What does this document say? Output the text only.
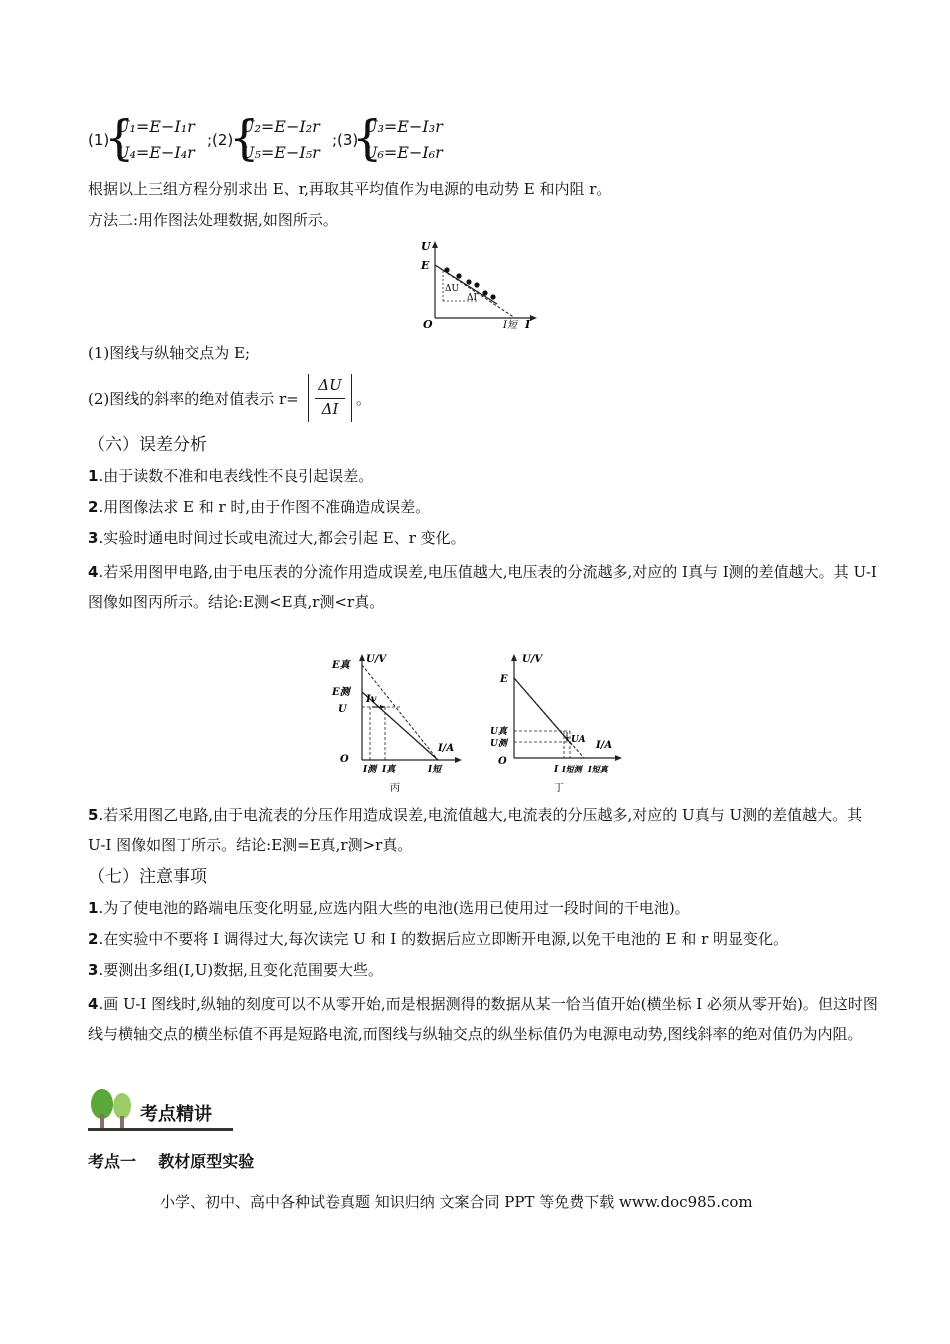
(1)
{
U₁=E−I₁r
U₄=E−I₄r
; (2)
{
U₂=E−I₂r
U₅=E−I₅r
; (3)
{
U₃=E−I₃r
U₆=E−I₆r
根据以上三组方程分别求出 E、r,再取其平均值作为电源的电动势 E 和内阻 r。
方法二:用作图法处理数据,如图所示。
U
E
O	I
I短
ΔU
ΔI
(1)图线与纵轴交点为 E;
(2)图线的斜率的绝对值表示 r=
ΔU
ΔI
。
（六）误差分析
1.由于读数不准和电表线性不良引起误差。
2.用图像法求 E 和 r 时,由于作图不准确造成误差。
3.实验时通电时间过长或电流过大,都会引起 E、r 变化。
4.若采用图甲电路,由于电压表的分流作用造成误差,电压值越大,电压表的分流越多,对应的 I真与 I测的差值越大。其 U-I 图像如图丙所示。结论:E测<E真,r测<r真。
E真
U/V
E测
U
Iv
I/A
O
I测 I真	I短
丙
U/V
E
U真
U测	UA I/A
O
I I短测 I短真
丁
5.若采用图乙电路,由于电流表的分压作用造成误差,电流值越大,电流表的分压越多,对应的 U真与 U测的差值越大。其 U-I 图像如图丁所示。结论:E测=E真,r测>r真。
（七）注意事项
1.为了使电池的路端电压变化明显,应选内阻大些的电池(选用已使用过一段时间的干电池)。
2.在实验中不要将 I 调得过大,每次读完 U 和 I 的数据后应立即断开电源,以免干电池的 E 和 r 明显变化。
3.要测出多组(I,U)数据,且变化范围要大些。
4.画 U-I 图线时,纵轴的刻度可以不从零开始,而是根据测得的数据从某一恰当值开始(横坐标 I 必须从零开始)。但这时图线与横轴交点的横坐标值不再是短路电流,而图线与纵轴交点的纵坐标值仍为电源电动势,图线斜率的绝对值仍为内阻。
考点精讲
考点一    教材原型实验
小学、初中、高中各种试卷真题 知识归纳 文案合同 PPT 等免费下载 www.doc985.com
